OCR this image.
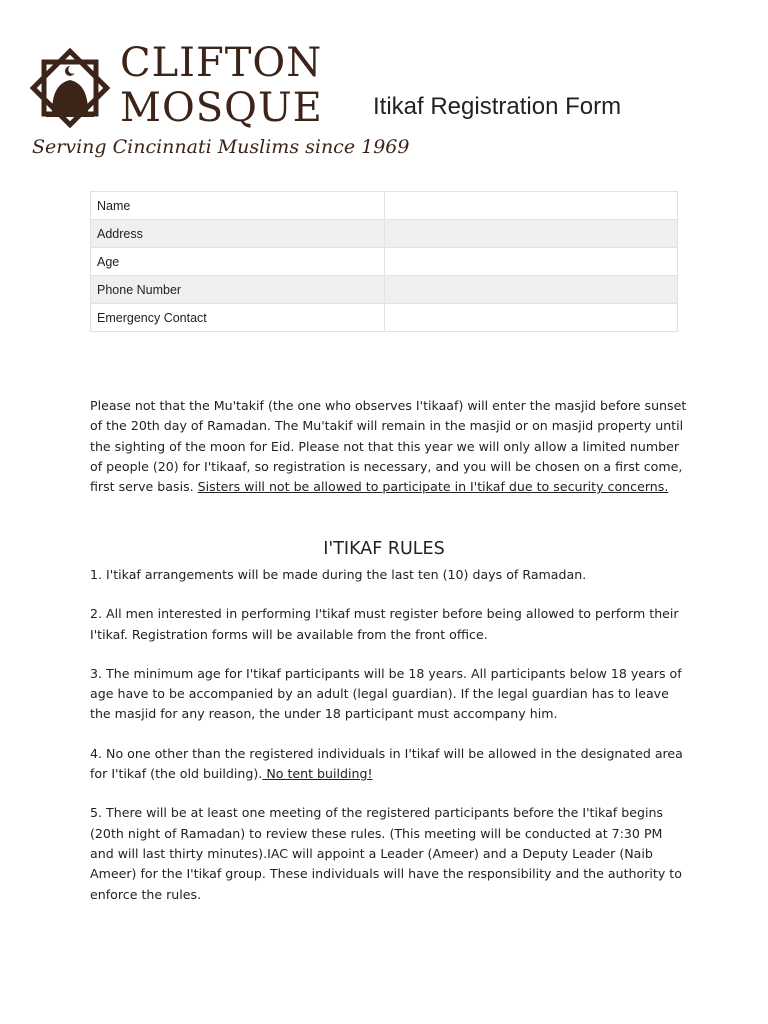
CLIFTON
MOSQUE
Serving Cincinnati Muslims since 1969
Itikaf Registration Form
Name	
Address	
Age	
Phone Number	
Emergency Contact	
Please not that the Mu'takif (the one who observes I'tikaaf) will enter the masjid before sunset of the 20th day of Ramadan. The Mu'takif will remain in the masjid or on masjid property until the sighting of the moon for Eid. Please not that this year we will only allow a limited number of people (20) for I'tikaaf, so registration is necessary, and you will be chosen on a first come, first serve basis. Sisters will not be allowed to participate in I'tikaf due to security concerns.
I'TIKAF RULES

1. I'tikaf arrangements will be made during the last ten (10) days of Ramadan.

2. All men interested in performing I'tikaf must register before being allowed to perform their I'tikaf. Registration forms will be available from the front office.

3. The minimum age for I'tikaf participants will be 18 years. All participants below 18 years of age have to be accompanied by an adult (legal guardian). If the legal guardian has to leave the masjid for any reason, the under 18 participant must accompany him.

4. No one other than the registered individuals in I'tikaf will be allowed in the designated area for I'tikaf (the old building). No tent building!

5. There will be at least one meeting of the registered participants before the I'tikaf begins (20th night of Ramadan) to review these rules. (This meeting will be conducted at 7:30 PM and will last thirty minutes).IAC will appoint a Leader (Ameer) and a Deputy Leader (Naib Ameer) for the I'tikaf group. These individuals will have the responsibility and the authority to enforce the rules.
